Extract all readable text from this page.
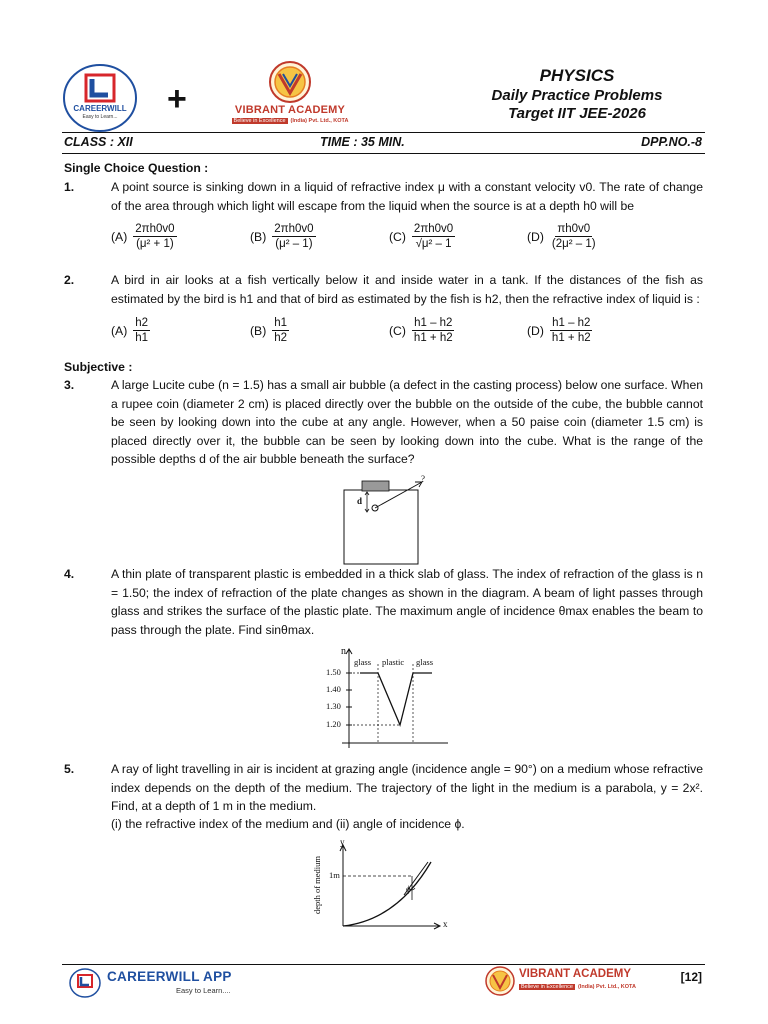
CAREERWILL
Easy to Learn...	+	VIBRANT ACADEMY
Believe in Excellence (India) Pvt. Ltd., KOTA
PHYSICS
Daily Practice Problems
Target IIT JEE-2026
CLASS : XII	TIME : 35 MIN.	DPP.NO.-8
Single Choice Question :
1.	A point source is sinking down in a liquid of refractive index μ with a constant velocity v0. The rate of change of the area through which light will escape from the liquid when the source is at a depth h0 will be
$(A) \frac{2\pi h0v0}{\text{(μ² + 1)}}$	$(B) \frac{2\pi h0v0}{\text{(μ² – 1)}}$	$(C) \frac{2\pi h0v0}{\text{√μ² – 1}}$	$(D) \frac{\pi h0v0}{\text{(2μ² – 1)}}$
2.	A bird in air looks at a fish vertically below it and inside water in a tank. If the distances of the fish as estimated by the bird is h1 and that of bird as estimated by the fish is h2, then the refractive index of liquid is :
$(A) \frac{h2}{h1}$	$(B) \frac{h1}{h2}$	$(C) \frac{h1 - h2}{h1 + h2}$	$(D) \frac{h1 - h2}{h1 + h2}$
Subjective :
3.	A large Lucite cube (n = 1.5) has a small air bubble (a defect in the casting process) below one surface. When a rupee coin (diameter 2 cm) is placed directly over the bubble on the outside of the cube, the bubble cannot be seen by looking down into the cube at any angle. However, when a 50 paise coin (diameter 1.5 cm) is placed directly over it, the bubble can be seen by looking down into the cube. What is the range of the possible depths d of the air bubble beneath the surface?
d
?
4.	A thin plate of transparent plastic is embedded in a thick slab of glass. The index of refraction of the glass is n = 1.50; the index of refraction of the plate changes as shown in the diagram. A beam of light passes through glass and strikes the surface of the plastic plate. The maximum angle of incidence θmax enables the beam to pass through the plate. Find sinθmax.
n
glass plastic glass
1.50
1.40
1.30
1.20
5.	A ray of light travelling in air is incident at grazing angle (incidence angle = 90°) on a medium whose refractive index depends on the depth of the medium. The trajectory of the light in the medium is a parabola, y = 2x². Find, at a depth of 1 m in the medium.
(i) the refractive index of the medium and (ii) angle of incidence ϕ.
y
x
1m
ϕ
depth of medium
CAREERWILL APP
Easy to Learn....
VIBRANT ACADEMY
Believe in Excellence (India) Pvt. Ltd., KOTA
[12]
